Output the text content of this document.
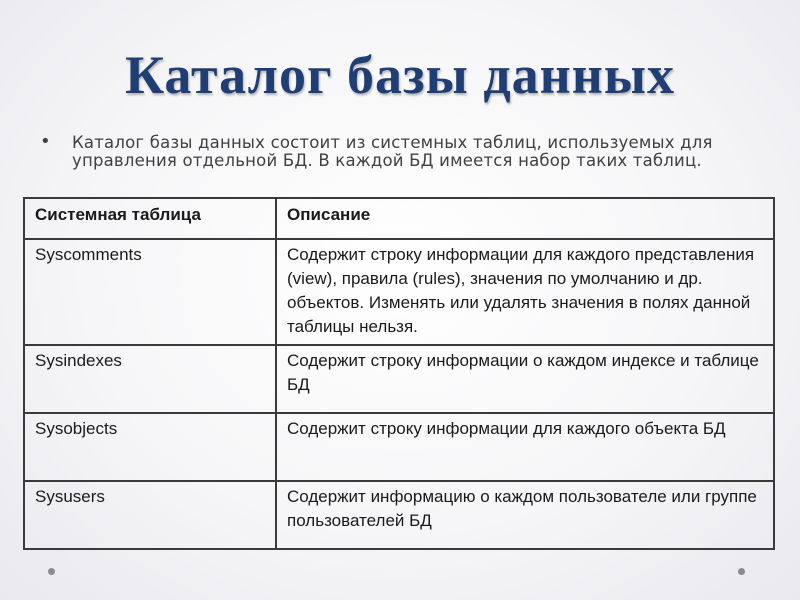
Каталог базы данных
• Каталог базы данных состоит из системных таблиц, используемых для управления отдельной БД. В каждой БД имеется набор таких таблиц.
Системная таблица	Описание
Syscomments	Содержит строку информации для каждого представления (view), правила (rules), значения по умолчанию и др. объектов. Изменять или удалять значения в полях данной таблицы нельзя.
Sysindexes	Содержит строку информации о каждом индексе и таблице БД
Sysobjects	Содержит строку информации для каждого объекта БД
Sysusers	Содержит информацию о каждом пользователе или группе пользователей БД
